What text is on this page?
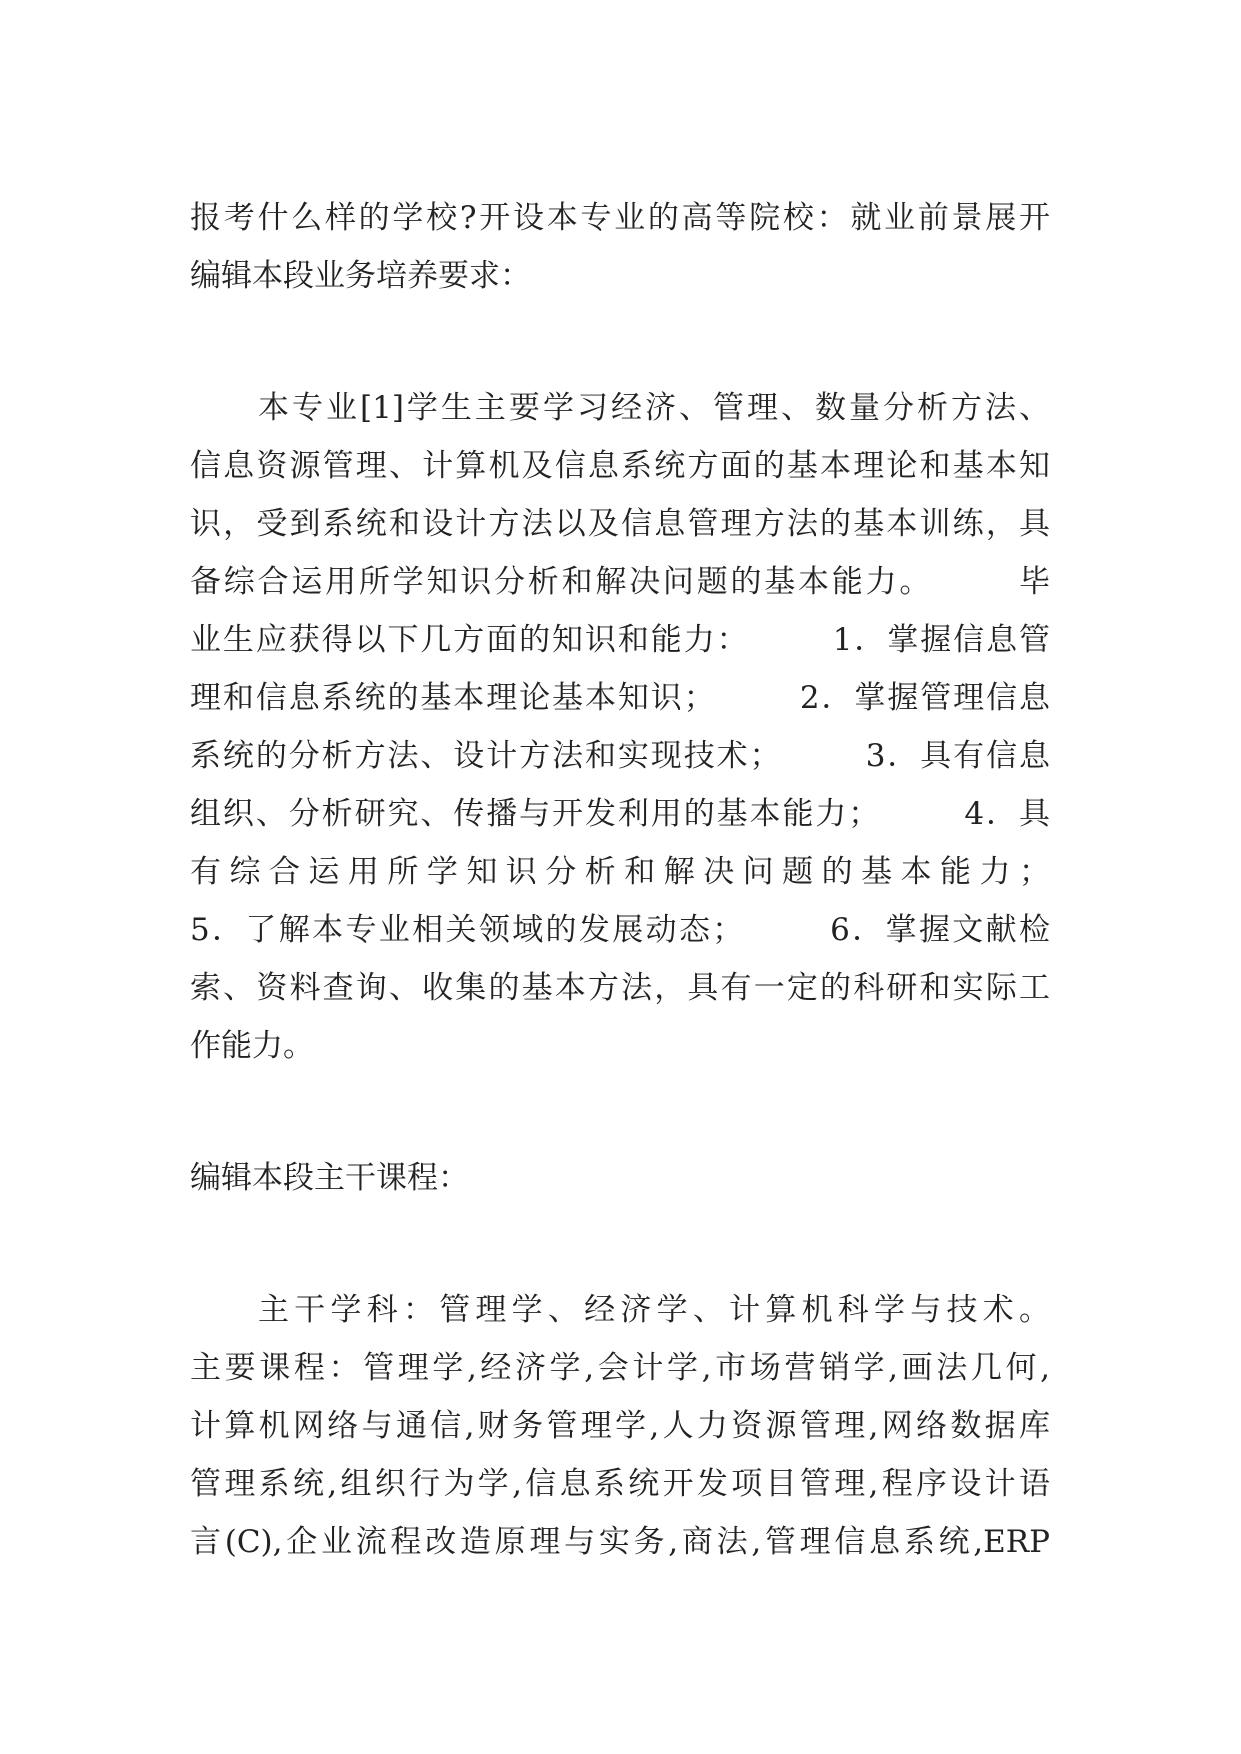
报考什么样的学校?开设本专业的高等院校：就业前景展开
编辑本段业务培养要求：
本专业[1]学生主要学习经济、管理、数量分析方法、
信息资源管理、计算机及信息系统方面的基本理论和基本知
识，受到系统和设计方法以及信息管理方法的基本训练，具
备综合运用所学知识分析和解决问题的基本能力。　　　毕
业生应获得以下几方面的知识和能力：　　　1．掌握信息管
理和信息系统的基本理论基本知识；　　　2．掌握管理信息
系统的分析方法、设计方法和实现技术；　　　3．具有信息
组织、分析研究、传播与开发利用的基本能力；　　　4．具
有综合运用所学知识分析和解决问题的基本能力；
5．了解本专业相关领域的发展动态；　　　6．掌握文献检
索、资料查询、收集的基本方法，具有一定的科研和实际工
作能力。
编辑本段主干课程：
主干学科：管理学、经济学、计算机科学与技术。
主要课程：管理学,经济学,会计学,市场营销学,画法几何,
计算机网络与通信,财务管理学,人力资源管理,网络数据库
管理系统,组织行为学,信息系统开发项目管理,程序设计语
言(C),企业流程改造原理与实务,商法,管理信息系统,ERP
